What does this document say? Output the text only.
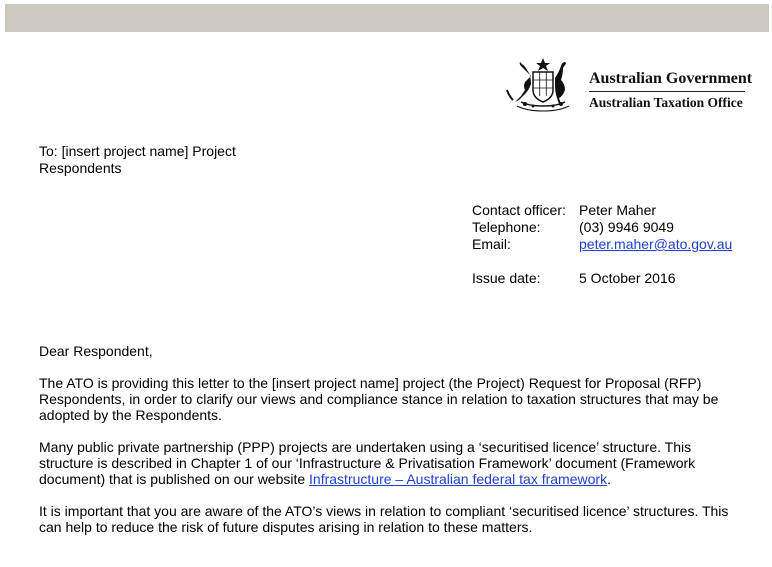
Australian Government
Australian Taxation Office
To: [insert project name] Project
Respondents
Contact officer: Peter Maher
Telephone:	(03) 9946 9049
Email:	peter.maher@ato.gov.au
Issue date:	5 October 2016

Dear Respondent,

The ATO is providing this letter to the [insert project name] project (the Project) Request for Proposal (RFP) Respondents, in order to clarify our views and compliance stance in relation to taxation structures that may be adopted by the Respondents.

Many public private partnership (PPP) projects are undertaken using a ‘securitised licence’ structure. This structure is described in Chapter 1 of our ‘Infrastructure & Privatisation Framework’ document (Framework document) that is published on our website Infrastructure – Australian federal tax framework.

It is important that you are aware of the ATO’s views in relation to compliant ‘securitised licence’ structures. This can help to reduce the risk of future disputes arising in relation to these matters.
